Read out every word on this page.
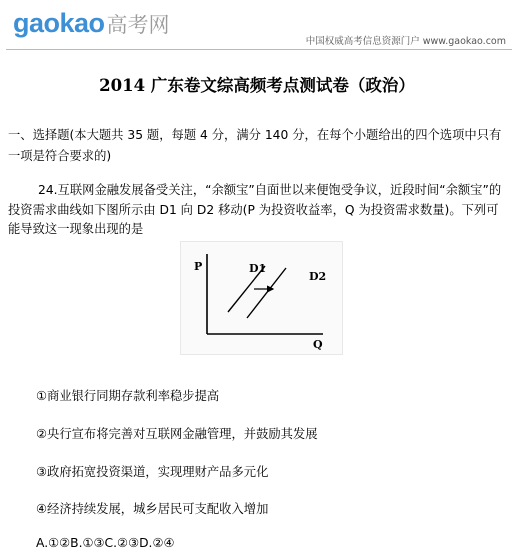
gaokao 高考网
中国权威高考信息资源门户 www.gaokao.com
2014 广东卷文综高频考点测试卷（政治）
一、选择题(本大题共 35 题，每题 4 分，满分 140 分，在每个小题给出的四个选项中只有一项是符合要求的)
24.互联网金融发展备受关注，“余额宝”自面世以来便饱受争议，近段时间“余额宝”的投资需求曲线如下图所示由 D1 向 D2 移动(P 为投资收益率，Q 为投资需求数量)。下列可能导致这一现象出现的是
P
Q
D1
D2
①商业银行同期存款利率稳步提高
②央行宣布将完善对互联网金融管理，并鼓励其发展
③政府拓宽投资渠道，实现理财产品多元化
④经济持续发展，城乡居民可支配收入增加
A.①②B.①③C.②③D.②④
